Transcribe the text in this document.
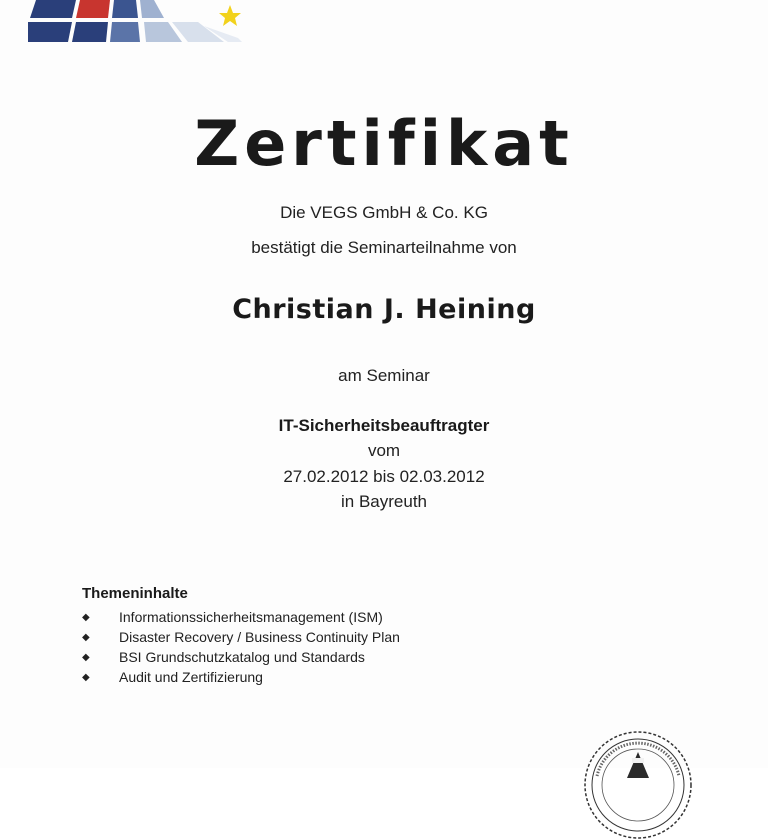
Zertifikat
Die VEGS GmbH & Co. KG
bestätigt die Seminarteilnahme von
Christian J. Heining
am Seminar
IT-Sicherheitsbeauftragter
vom
27.02.2012 bis 02.03.2012
in Bayreuth
Themeninhalte
◆	Informationssicherheitsmanagement (ISM)
◆	Disaster Recovery / Business Continuity Plan
◆	BSI Grundschutzkatalog und Standards
◆	Audit und Zertifizierung
